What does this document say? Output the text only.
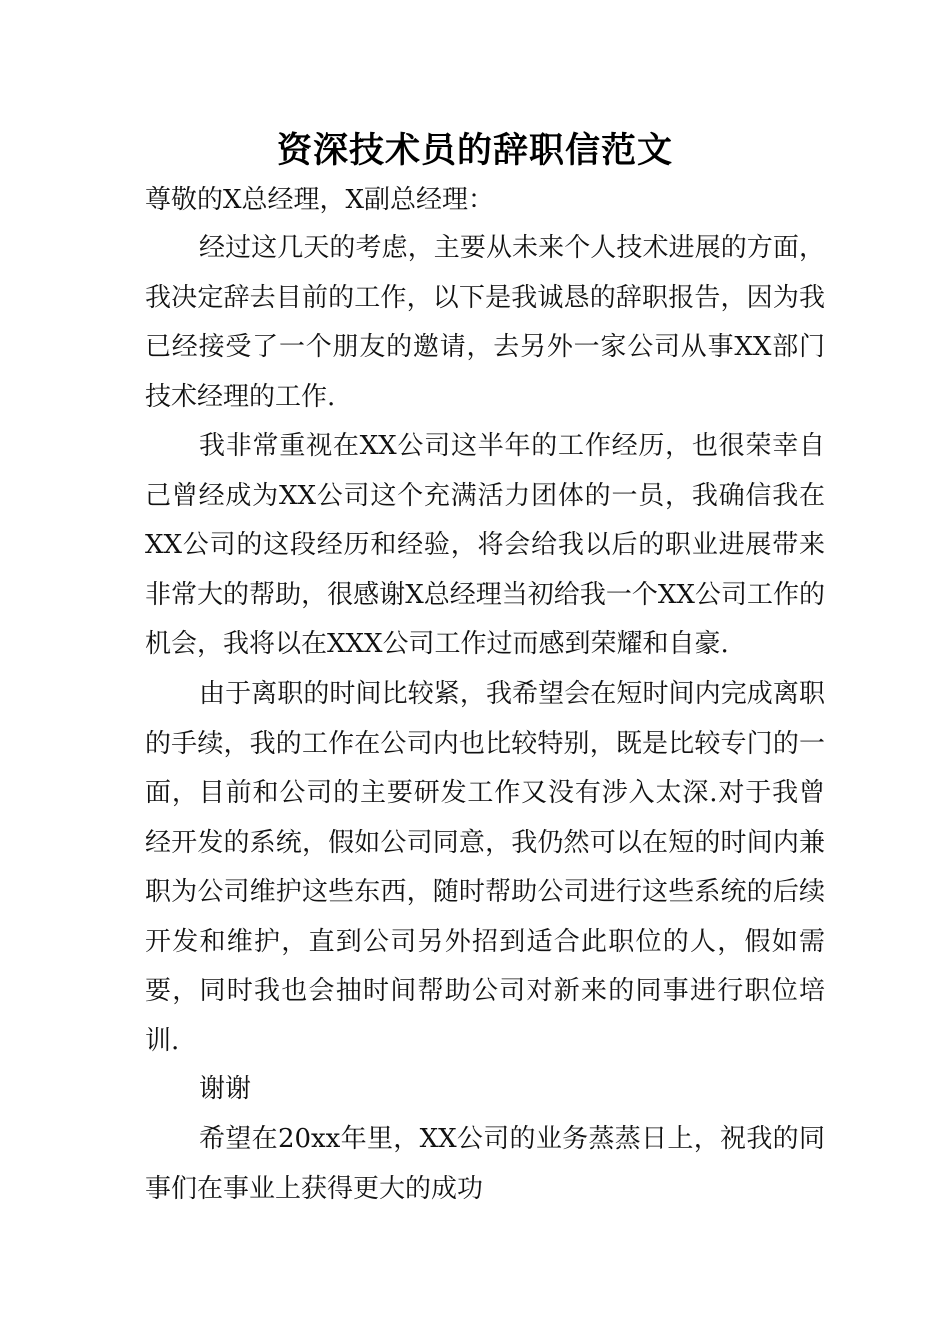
资深技术员的辞职信范文
尊敬的X总经理，X副总经理：

经过这几天的考虑，主要从未来个人技术进展的方面，我决定辞去目前的工作，以下是我诚恳的辞职报告，因为我已经接受了一个朋友的邀请，去另外一家公司从事XX部门技术经理的工作.

我非常重视在XX公司这半年的工作经历，也很荣幸自己曾经成为XX公司这个充满活力团体的一员，我确信我在XX公司的这段经历和经验，将会给我以后的职业进展带来非常大的帮助，很感谢X总经理当初给我一个XX公司工作的机会，我将以在XXX公司工作过而感到荣耀和自豪.

由于离职的时间比较紧，我希望会在短时间内完成离职的手续，我的工作在公司内也比较特别，既是比较专门的一面，目前和公司的主要研发工作又没有涉入太深.对于我曾经开发的系统，假如公司同意，我仍然可以在短的时间内兼职为公司维护这些东西，随时帮助公司进行这些系统的后续开发和维护，直到公司另外招到适合此职位的人，假如需要，同时我也会抽时间帮助公司对新来的同事进行职位培训.

谢谢

希望在20xx年里，XX公司的业务蒸蒸日上，祝我的同事们在事业上获得更大的成功
